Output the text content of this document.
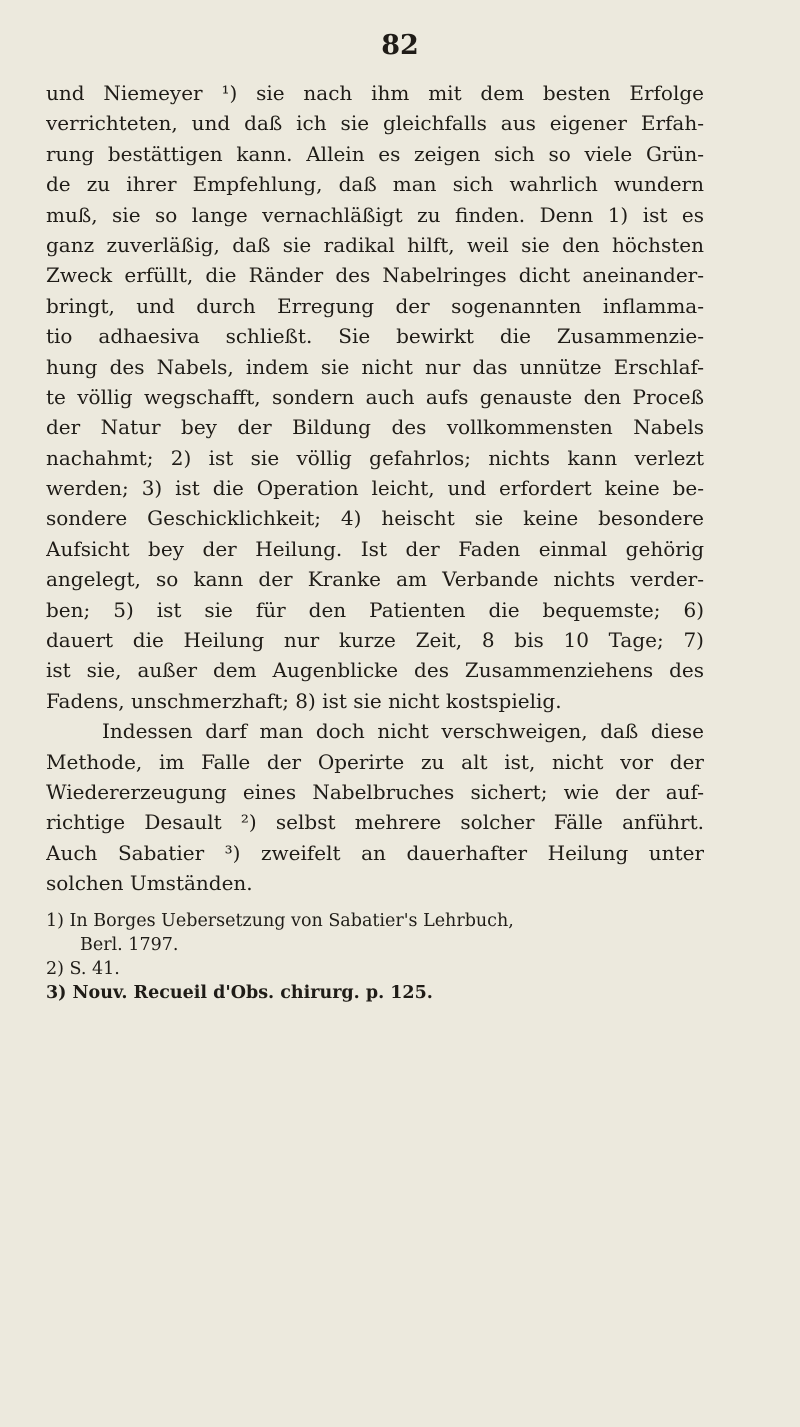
82
und Niemeyer ¹) sie nach ihm mit dem besten Erfolge
verrichteten, und daß ich sie gleichfalls aus eigener Erfah-
rung bestättigen kann. Allein es zeigen sich so viele Grün-
de zu ihrer Empfehlung, daß man sich wahrlich wundern
muß, sie so lange vernachläßigt zu finden. Denn 1) ist es
ganz zuverläßig, daß sie radikal hilft, weil sie den höchsten
Zweck erfüllt, die Ränder des Nabelringes dicht aneinander-
bringt, und durch Erregung der sogenannten inflamma-
tio adhaesiva schließt. Sie bewirkt die Zusammenzie-
hung des Nabels, indem sie nicht nur das unnütze Erschlaf-
te völlig wegschafft, sondern auch aufs genauste den Proceß
der Natur bey der Bildung des vollkommensten Nabels
nachahmt; 2) ist sie völlig gefahrlos; nichts kann verlezt
werden; 3) ist die Operation leicht, und erfordert keine be-
sondere Geschicklichkeit; 4) heischt sie keine besondere
Aufsicht bey der Heilung. Ist der Faden einmal gehörig
angelegt, so kann der Kranke am Verbande nichts verder-
ben; 5) ist sie für den Patienten die bequemste; 6)
dauert die Heilung nur kurze Zeit, 8 bis 10 Tage; 7)
ist sie, außer dem Augenblicke des Zusammenziehens des
Fadens, unschmerzhaft; 8) ist sie nicht kostspielig.
Indessen darf man doch nicht verschweigen, daß diese
Methode, im Falle der Operirte zu alt ist, nicht vor der
Wiedererzeugung eines Nabelbruches sichert; wie der auf-
richtige Desault ²) selbst mehrere solcher Fälle anführt.
Auch Sabatier ³) zweifelt an dauerhafter Heilung unter
solchen Umständen.
1) In Borges Uebersetzung von Sabatier's Lehrbuch,
Berl. 1797.
2) S. 41.
3) Nouv. Recueil d'Obs. chirurg. p. 125.
